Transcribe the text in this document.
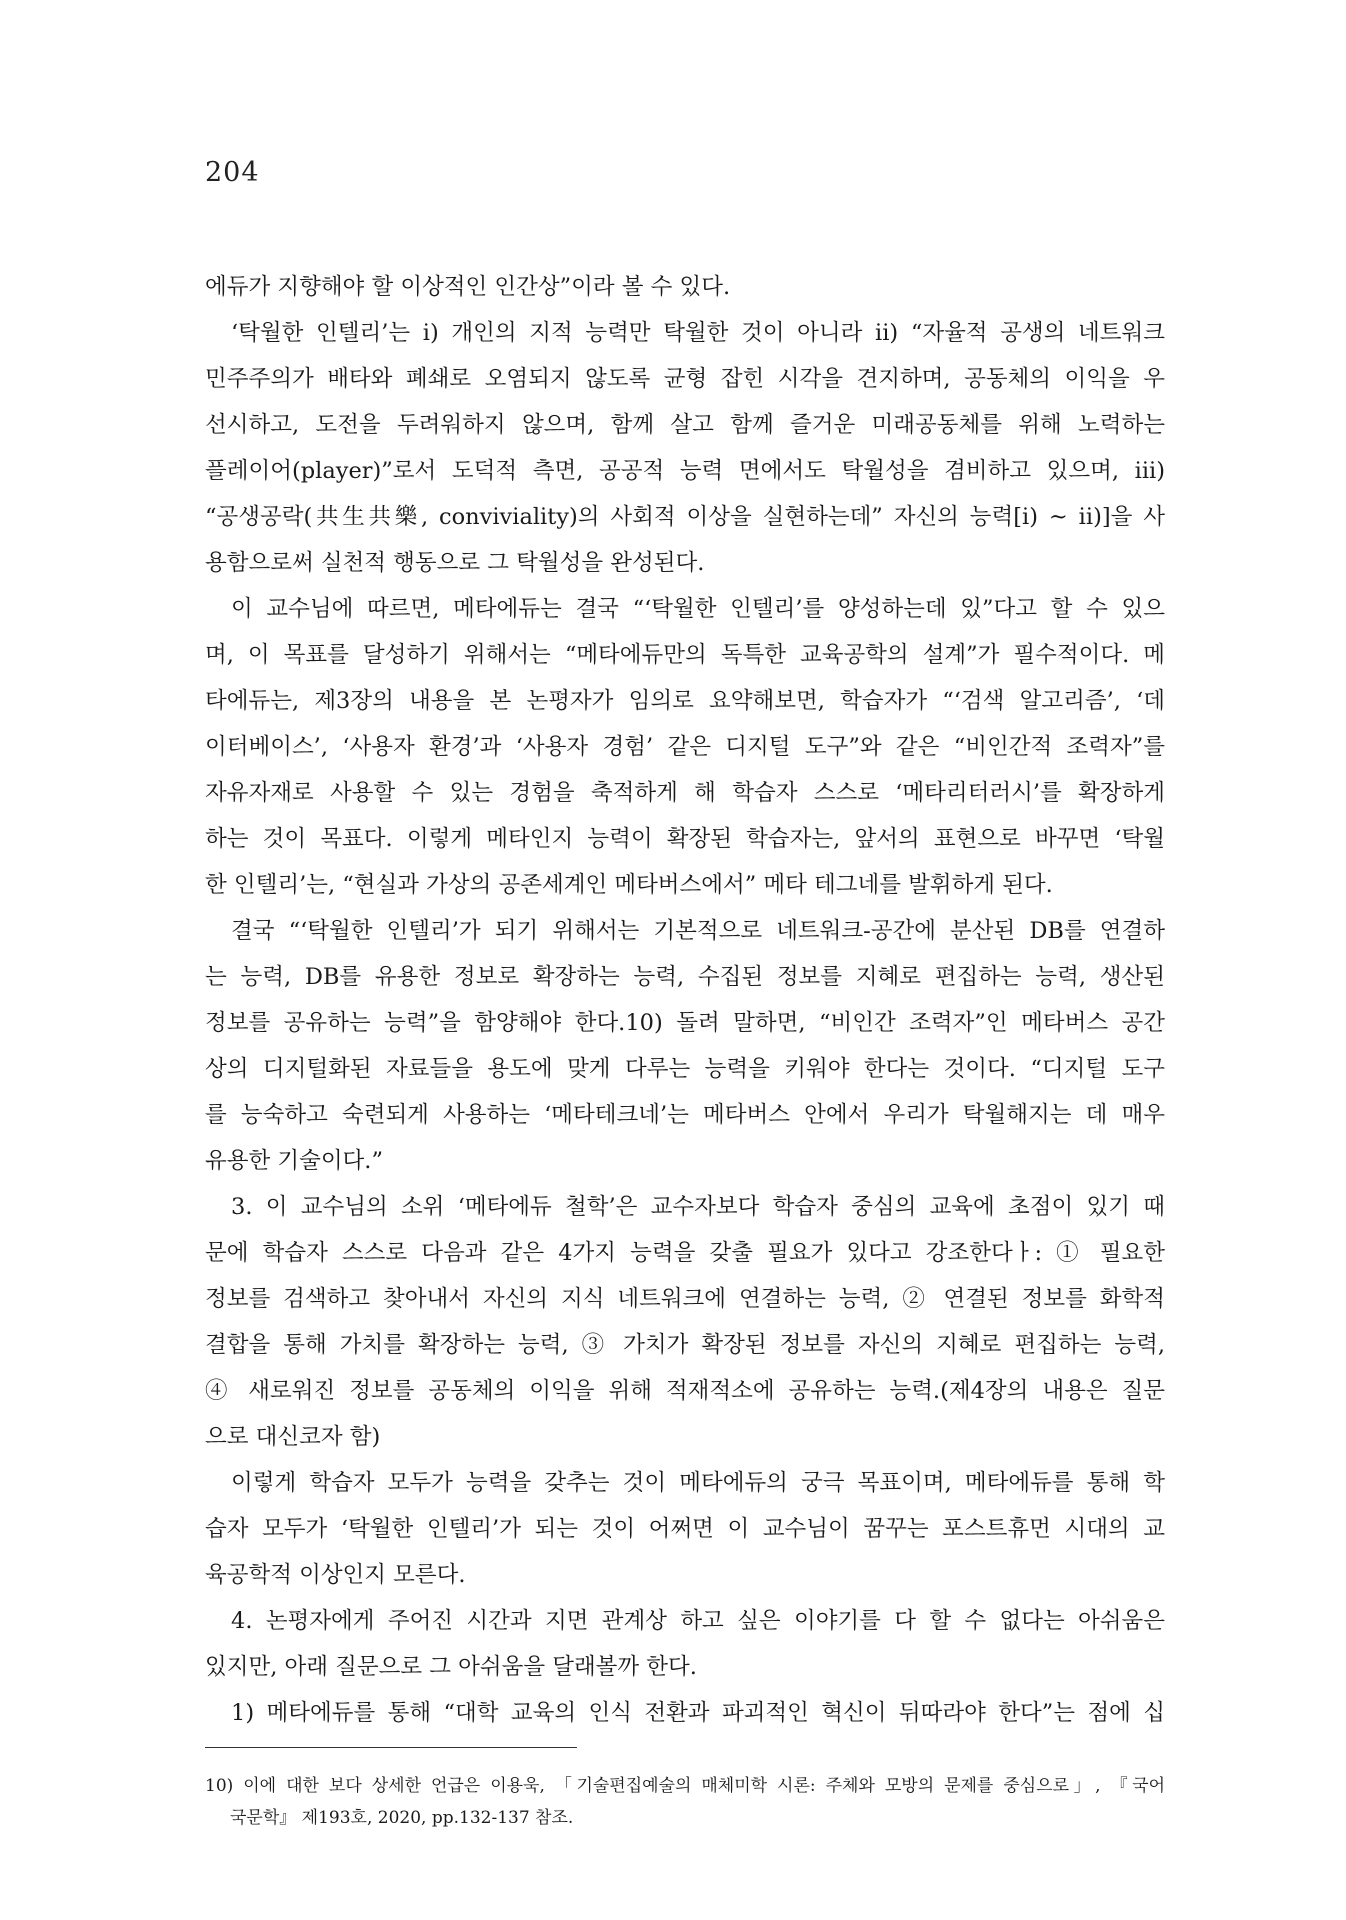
204
에듀가 지향해야 할 이상적인 인간상”이라 볼 수 있다.
‘탁월한 인텔리’는 i) 개인의 지적 능력만 탁월한 것이 아니라 ii) “자율적 공생의 네트워크
민주주의가 배타와 폐쇄로 오염되지 않도록 균형 잡힌 시각을 견지하며, 공동체의 이익을 우
선시하고, 도전을 두려워하지 않으며, 함께 살고 함께 즐거운 미래공동체를 위해 노력하는
플레이어(player)”로서 도덕적 측면, 공공적 능력 면에서도 탁월성을 겸비하고 있으며, iii)
“공생공락(共生共樂, conviviality)의 사회적 이상을 실현하는데” 자신의 능력[i) ~ ii)]을 사
용함으로써 실천적 행동으로 그 탁월성을 완성된다.
이 교수님에 따르면, 메타에듀는 결국 “‘탁월한 인텔리’를 양성하는데 있”다고 할 수 있으
며, 이 목표를 달성하기 위해서는 “메타에듀만의 독특한 교육공학의 설계”가 필수적이다. 메
타에듀는, 제3장의 내용을 본 논평자가 임의로 요약해보면, 학습자가 “‘검색 알고리즘’, ‘데
이터베이스’, ‘사용자 환경’과 ‘사용자 경험’ 같은 디지털 도구”와 같은 “비인간적 조력자”를
자유자재로 사용할 수 있는 경험을 축적하게 해 학습자 스스로 ‘메타리터러시’를 확장하게
하는 것이 목표다. 이렇게 메타인지 능력이 확장된 학습자는, 앞서의 표현으로 바꾸면 ‘탁월
한 인텔리’는, “현실과 가상의 공존세계인 메타버스에서” 메타 테그네를 발휘하게 된다.
결국 “‘탁월한 인텔리’가 되기 위해서는 기본적으로 네트워크-공간에 분산된 DB를 연결하
는 능력, DB를 유용한 정보로 확장하는 능력, 수집된 정보를 지혜로 편집하는 능력, 생산된
정보를 공유하는 능력”을 함양해야 한다.10) 돌려 말하면, “비인간 조력자”인 메타버스 공간
상의 디지털화된 자료들을 용도에 맞게 다루는 능력을 키워야 한다는 것이다. “디지털 도구
를 능숙하고 숙련되게 사용하는 ‘메타테크네’는 메타버스 안에서 우리가 탁월해지는 데 매우
유용한 기술이다.”
3. 이 교수님의 소위 ‘메타에듀 철학’은 교수자보다 학습자 중심의 교육에 초점이 있기 때
문에 학습자 스스로 다음과 같은 4가지 능력을 갖출 필요가 있다고 강조한다ㅏ: ① 필요한
정보를 검색하고 찾아내서 자신의 지식 네트워크에 연결하는 능력, ② 연결된 정보를 화학적
결합을 통해 가치를 확장하는 능력, ③ 가치가 확장된 정보를 자신의 지혜로 편집하는 능력,
④ 새로워진 정보를 공동체의 이익을 위해 적재적소에 공유하는 능력.(제4장의 내용은 질문
으로 대신코자 함)
이렇게 학습자 모두가 능력을 갖추는 것이 메타에듀의 궁극 목표이며, 메타에듀를 통해 학
습자 모두가 ‘탁월한 인텔리’가 되는 것이 어쩌면 이 교수님이 꿈꾸는 포스트휴먼 시대의 교
육공학적 이상인지 모른다.
4. 논평자에게 주어진 시간과 지면 관계상 하고 싶은 이야기를 다 할 수 없다는 아쉬움은
있지만, 아래 질문으로 그 아쉬움을 달래볼까 한다.
1) 메타에듀를 통해 “대학 교육의 인식 전환과 파괴적인 혁신이 뒤따라야 한다”는 점에 십
10) 이에 대한 보다 상세한 언급은 이용욱, 「기술편집예술의 매체미학 시론: 주체와 모방의 문제를 중심으로」, 『국어
국문학』 제193호, 2020, pp.132-137 참조.
